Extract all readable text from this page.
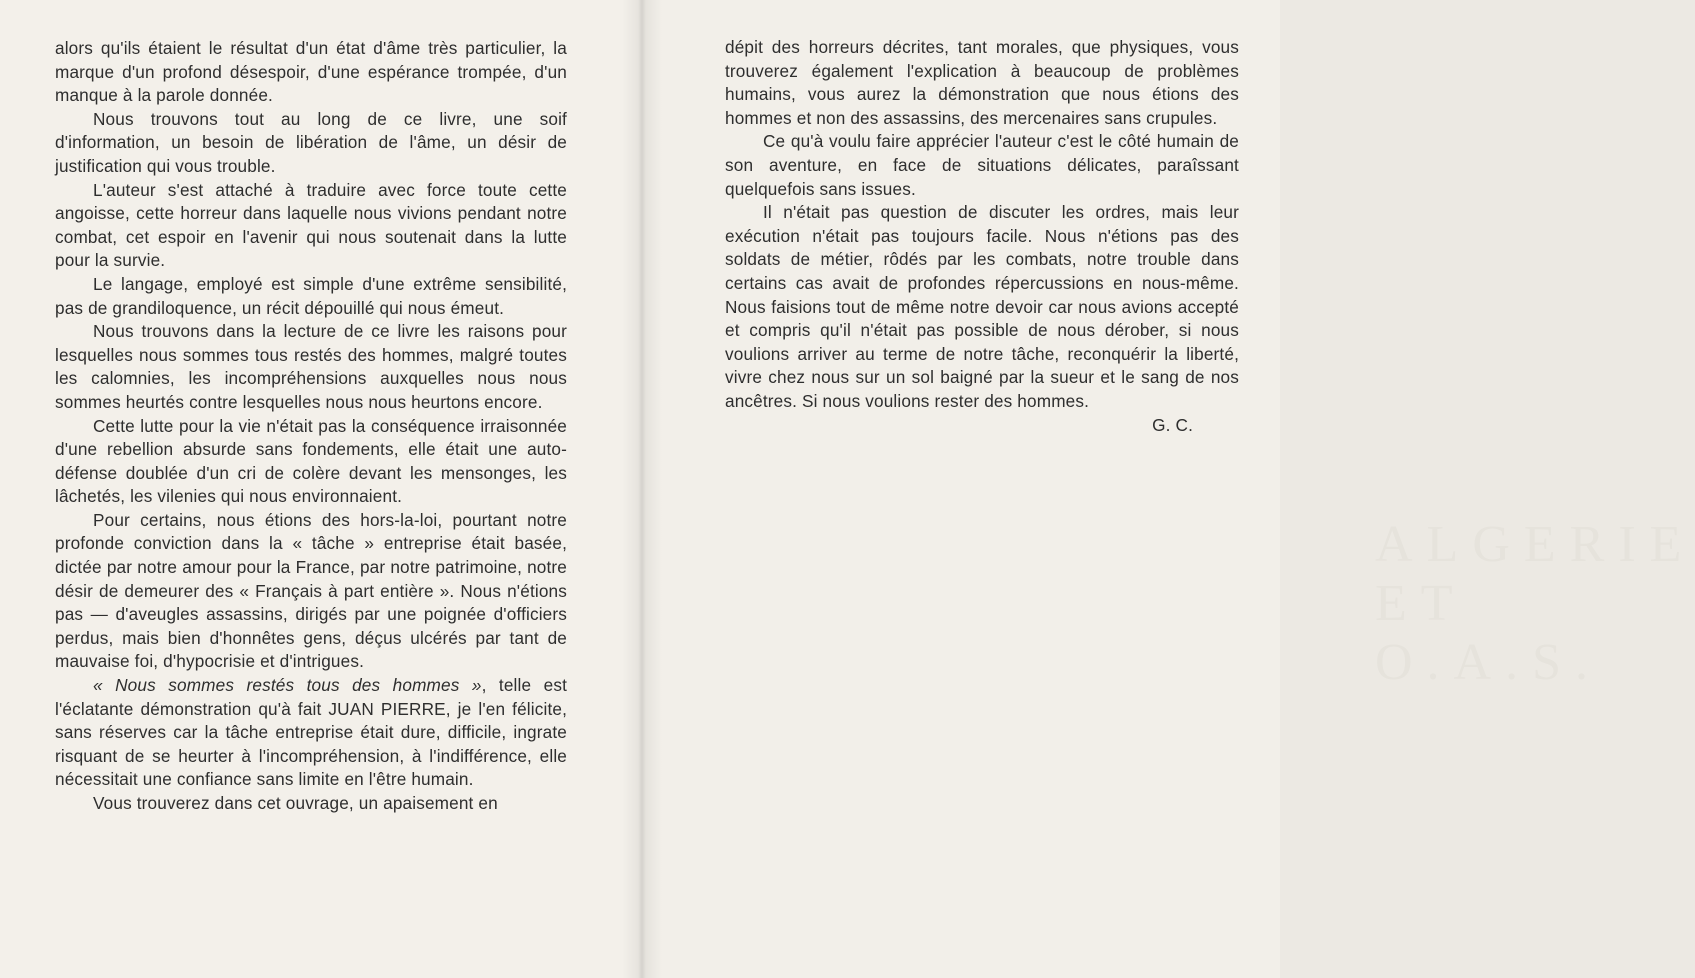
alors qu'ils étaient le résultat d'un état d'âme très particulier, la marque d'un profond désespoir, d'une espérance trompée, d'un manque à la parole donnée.

Nous trouvons tout au long de ce livre, une soif d'information, un besoin de libération de l'âme, un désir de justification qui vous trouble.

L'auteur s'est attaché à traduire avec force toute cette angoisse, cette horreur dans laquelle nous vivions pendant notre combat, cet espoir en l'avenir qui nous soutenait dans la lutte pour la survie.

Le langage, employé est simple d'une extrême sensibilité, pas de grandiloquence, un récit dépouillé qui nous émeut.

Nous trouvons dans la lecture de ce livre les raisons pour lesquelles nous sommes tous restés des hommes, malgré toutes les calomnies, les incompréhensions auxquelles nous nous sommes heurtés contre lesquelles nous nous heurtons encore.

Cette lutte pour la vie n'était pas la conséquence irraisonnée d'une rebellion absurde sans fondements, elle était une auto-défense doublée d'un cri de colère devant les mensonges, les lâchetés, les vilenies qui nous environnaient.

Pour certains, nous étions des hors-la-loi, pourtant notre profonde conviction dans la « tâche » entreprise était basée, dictée par notre amour pour la France, par notre patrimoine, notre désir de demeurer des « Français à part entière ». Nous n'étions pas — d'aveugles assassins, dirigés par une poignée d'officiers perdus, mais bien d'honnêtes gens, déçus ulcérés par tant de mauvaise foi, d'hypocrisie et d'intrigues.

« Nous sommes restés tous des hommes », telle est l'éclatante démonstration qu'à fait JUAN PIERRE, je l'en félicite, sans réserves car la tâche entreprise était dure, difficile, ingrate risquant de se heurter à l'incompréhension, à l'indifférence, elle nécessitait une confiance sans limite en l'être humain.

Vous trouverez dans cet ouvrage, un apaisement en

ALGERIE ET O.A.S.

dépit des horreurs décrites, tant morales, que physiques, vous trouverez également l'explication à beaucoup de problèmes humains, vous aurez la démonstration que nous étions des hommes et non des assassins, des mercenaires sans crupules.

Ce qu'à voulu faire apprécier l'auteur c'est le côté humain de son aventure, en face de situations délicates, paraîssant quelquefois sans issues.

Il n'était pas question de discuter les ordres, mais leur exécution n'était pas toujours facile. Nous n'étions pas des soldats de métier, rôdés par les combats, notre trouble dans certains cas avait de profondes répercussions en nous-même. Nous faisions tout de même notre devoir car nous avions accepté et compris qu'il n'était pas possible de nous dérober, si nous voulions arriver au terme de notre tâche, reconquérir la liberté, vivre chez nous sur un sol baigné par la sueur et le sang de nos ancêtres. Si nous voulions rester des hommes.

G. C.
